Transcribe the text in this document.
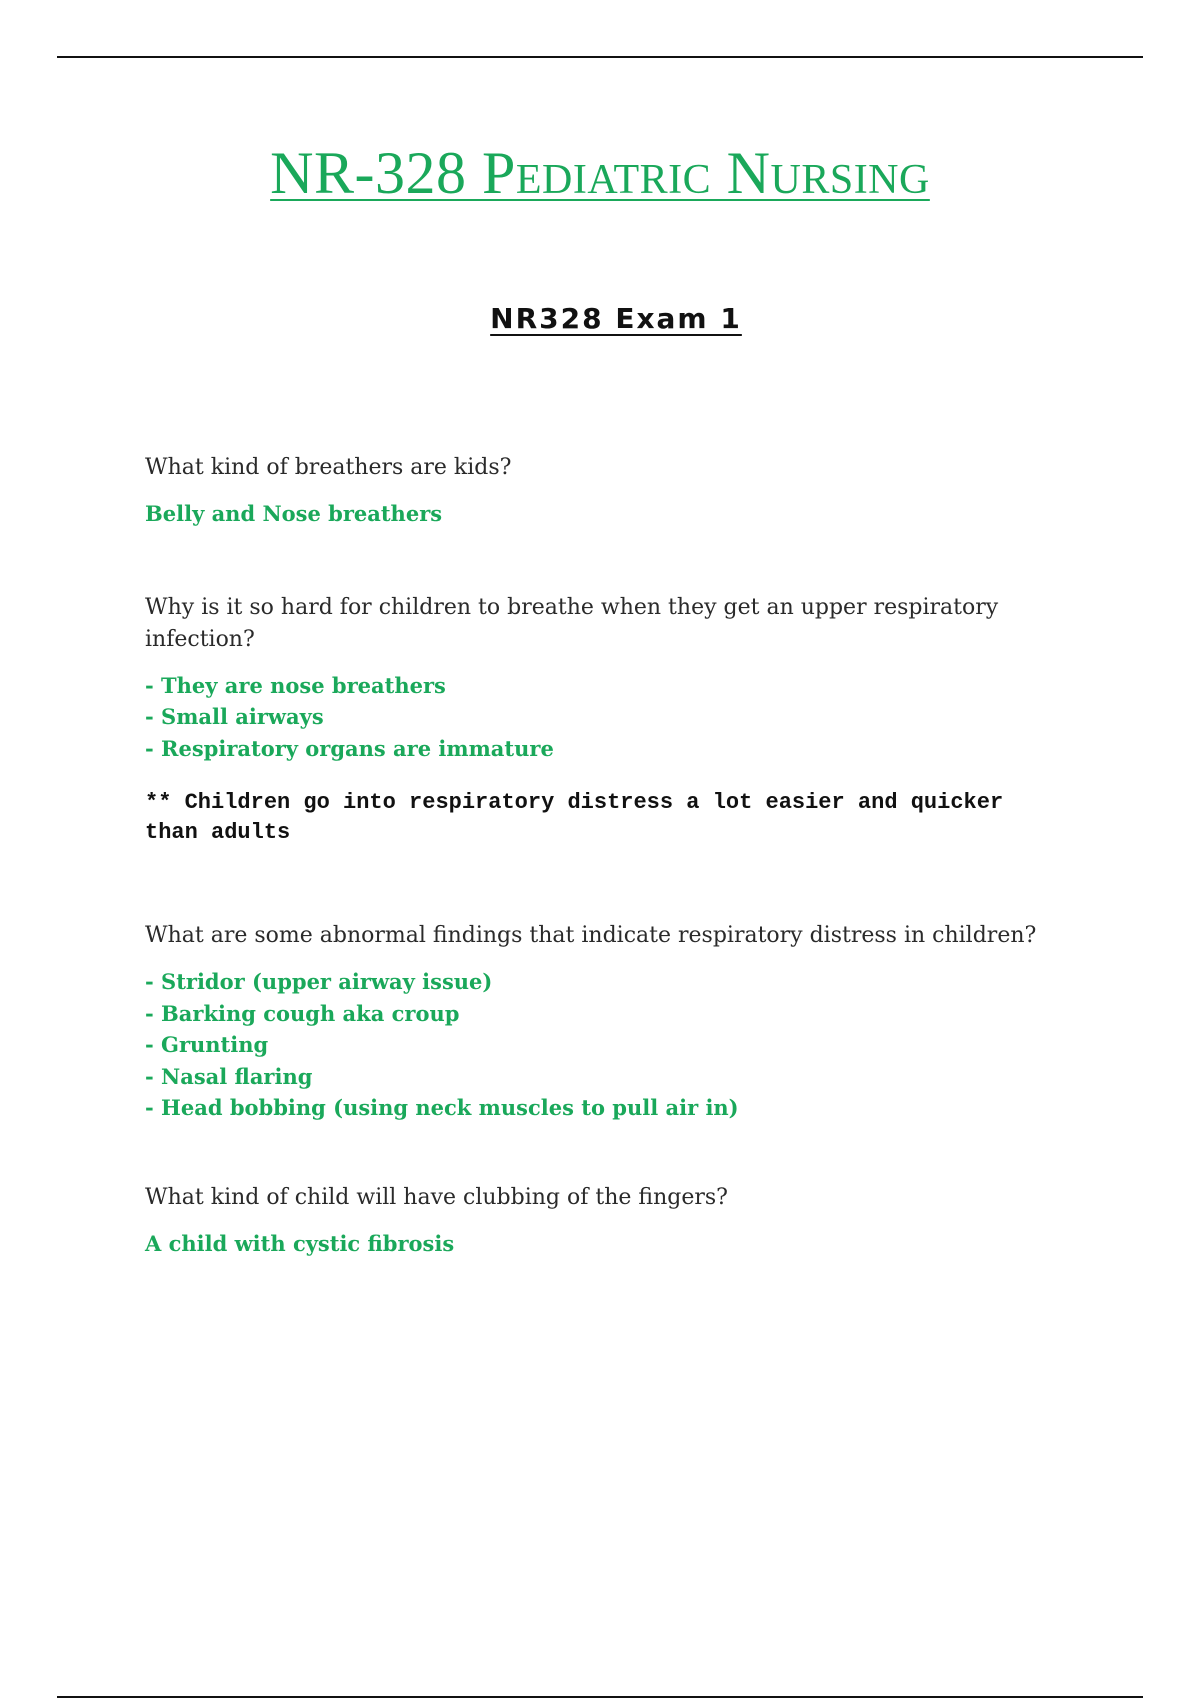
NR-328 Pediatric Nursing
NR328 Exam 1

What kind of breathers are kids?

Belly and Nose breathers

Why is it so hard for children to breathe when they get an upper respiratory infection?

- They are nose breathers
- Small airways
- Respiratory organs are immature

** Children go into respiratory distress a lot easier and quicker than adults

What are some abnormal findings that indicate respiratory distress in children?

- Stridor (upper airway issue)
- Barking cough aka croup
- Grunting
- Nasal flaring
- Head bobbing (using neck muscles to pull air in)

What kind of child will have clubbing of the fingers?

A child with cystic fibrosis
